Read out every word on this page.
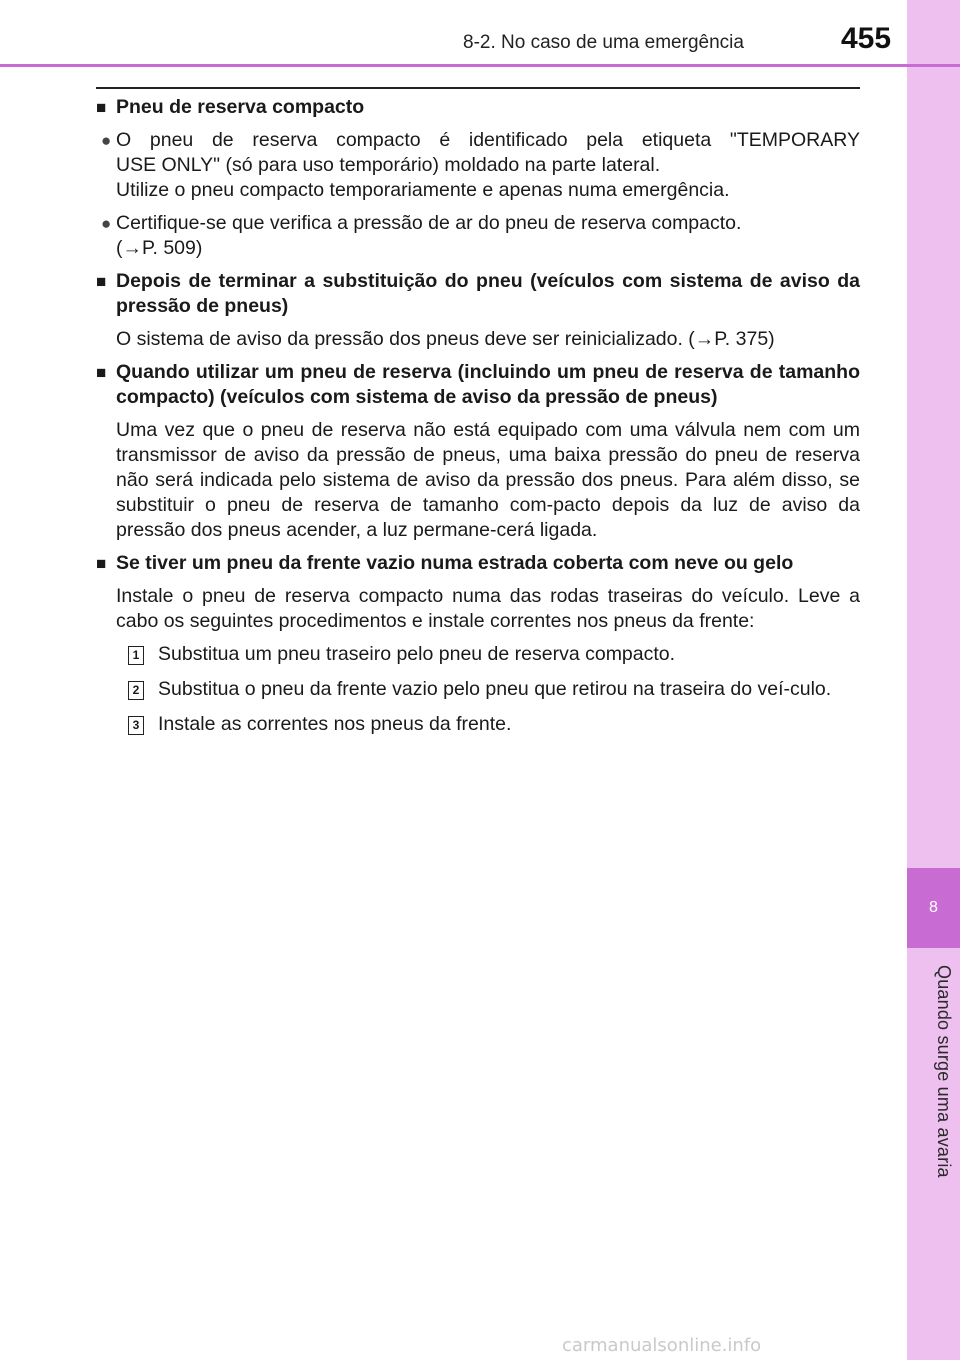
8
Quando surge uma avaria
8-2. No caso de uma emergência	455
■ Pneu de reserva compacto
● O pneu de reserva compacto é identificado pela etiqueta "TEMPORARY
USE ONLY" (só para uso temporário) moldado na parte lateral.
Utilize o pneu compacto temporariamente e apenas numa emergência.
● Certifique-se que verifica a pressão de ar do pneu de reserva compacto.
(→P. 509)
■ Depois de terminar a substituição do pneu (veículos com sistema de aviso da pressão de pneus)
O sistema de aviso da pressão dos pneus deve ser reinicializado. (→P. 375)
■ Quando utilizar um pneu de reserva (incluindo um pneu de reserva de tamanho compacto) (veículos com sistema de aviso da pressão de pneus)
Uma vez que o pneu de reserva não está equipado com uma válvula nem com um transmissor de aviso da pressão de pneus, uma baixa pressão do pneu de reserva não será indicada pelo sistema de aviso da pressão dos pneus. Para além disso, se substituir o pneu de reserva de tamanho com-pacto depois da luz de aviso da pressão dos pneus acender, a luz permane-cerá ligada.
■ Se tiver um pneu da frente vazio numa estrada coberta com neve ou gelo
Instale o pneu de reserva compacto numa das rodas traseiras do veículo. Leve a cabo os seguintes procedimentos e instale correntes nos pneus da frente:
1 Substitua um pneu traseiro pelo pneu de reserva compacto.
2 Substitua o pneu da frente vazio pelo pneu que retirou na traseira do veí-culo.
3 Instale as correntes nos pneus da frente.
carmanualsonline.info
